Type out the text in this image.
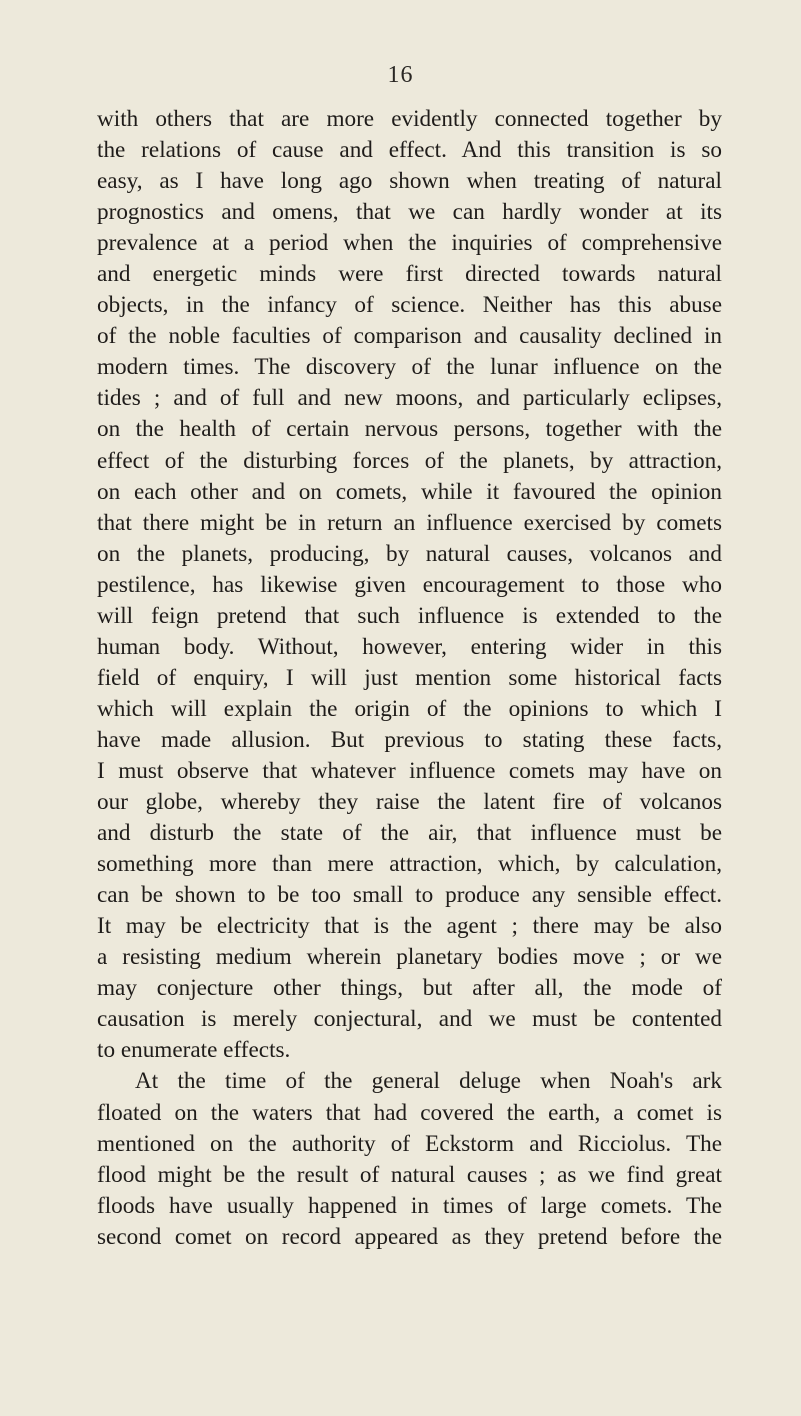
16
with others that are more evidently connected together by
the relations of cause and effect. And this transition is so
easy, as I have long ago shown when treating of natural
prognostics and omens, that we can hardly wonder at its
prevalence at a period when the inquiries of comprehensive
and energetic minds were first directed towards natural
objects, in the infancy of science. Neither has this abuse
of the noble faculties of comparison and causality declined in
modern times. The discovery of the lunar influence on the
tides ; and of full and new moons, and particularly eclipses,
on the health of certain nervous persons, together with the
effect of the disturbing forces of the planets, by attraction,
on each other and on comets, while it favoured the opinion
that there might be in return an influence exercised by comets
on the planets, producing, by natural causes, volcanos and
pestilence, has likewise given encouragement to those who
will feign pretend that such influence is extended to the
human body. Without, however, entering wider in this
field of enquiry, I will just mention some historical facts
which will explain the origin of the opinions to which I
have made allusion. But previous to stating these facts,
I must observe that whatever influence comets may have on
our globe, whereby they raise the latent fire of volcanos
and disturb the state of the air, that influence must be
something more than mere attraction, which, by calculation,
can be shown to be too small to produce any sensible effect.
It may be electricity that is the agent ; there may be also
a resisting medium wherein planetary bodies move ; or we
may conjecture other things, but after all, the mode of
causation is merely conjectural, and we must be contented
to enumerate effects.
At the time of the general deluge when Noah's ark
floated on the waters that had covered the earth, a comet is
mentioned on the authority of Eckstorm and Ricciolus. The
flood might be the result of natural causes ; as we find great
floods have usually happened in times of large comets. The
second comet on record appeared as they pretend before the
